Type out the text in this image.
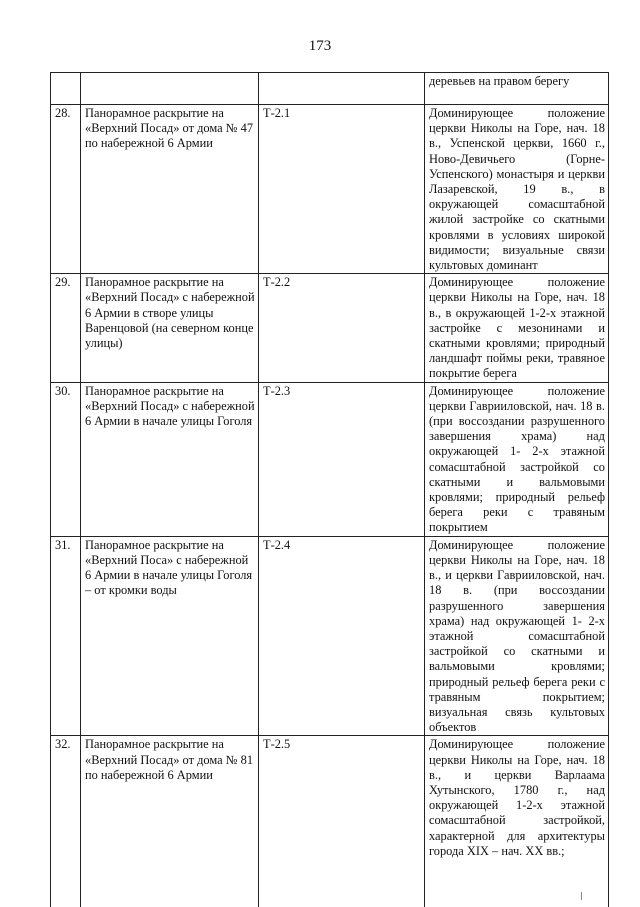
173
			деревьев на правом берегу
28.	Панорамное раскрытие на «Верхний Посад» от дома № 47 по набережной 6 Армии	Т-2.1	Доминирующее положение церкви Николы на Горе, нач. 18 в., Успенской церкви, 1660 г., Ново-Девичьего (Горне-Успенского) монастыря и церкви Лазаревской, 19 в., в окружающей сомасштабной жилой застройке со скатными кровлями в условиях широкой видимости; визуальные связи культовых доминант
29.	Панорамное раскрытие на «Верхний Посад» с набережной 6 Армии в створе улицы Варенцовой (на северном конце улицы)	Т-2.2	Доминирующее положение церкви Николы на Горе, нач. 18 в., в окружающей 1-2-х этажной застройке с мезонинами и скатными кровлями; природный ландшафт поймы реки, травяное покрытие берега
30.	Панорамное раскрытие на «Верхний Посад» с набережной 6 Армии в начале улицы Гоголя	Т-2.3	Доминирующее положение церкви Гаврииловской, нач. 18 в. (при воссоздании разрушенного завершения храма) над окружающей 1- 2-х этажной сомасштабной застройкой со скатными и вальмовыми кровлями; природный рельеф берега реки с травяным покрытием
31.	Панорамное раскрытие на «Верхний Поса» с набережной 6 Армии в начале улицы Гоголя – от кромки воды	Т-2.4	Доминирующее положение церкви Николы на Горе, нач. 18 в., и церкви Гаврииловской, нач. 18 в. (при воссоздании разрушенного завершения храма) над окружающей 1- 2-х этажной сомасштабной застройкой со скатными и вальмовыми кровлями; природный рельеф берега реки с травяным покрытием; визуальная связь культовых объектов
32.	Панорамное раскрытие на «Верхний Посад» от дома № 81 по набережной 6 Армии	Т-2.5	Доминирующее положение церкви Николы на Горе, нач. 18 в., и церкви Варлаама Хутынского, 1780 г., над окружающей 1-2-х этажной сомасштабной застройкой, характерной для архитектуры города XIX – нач. XX вв.;
